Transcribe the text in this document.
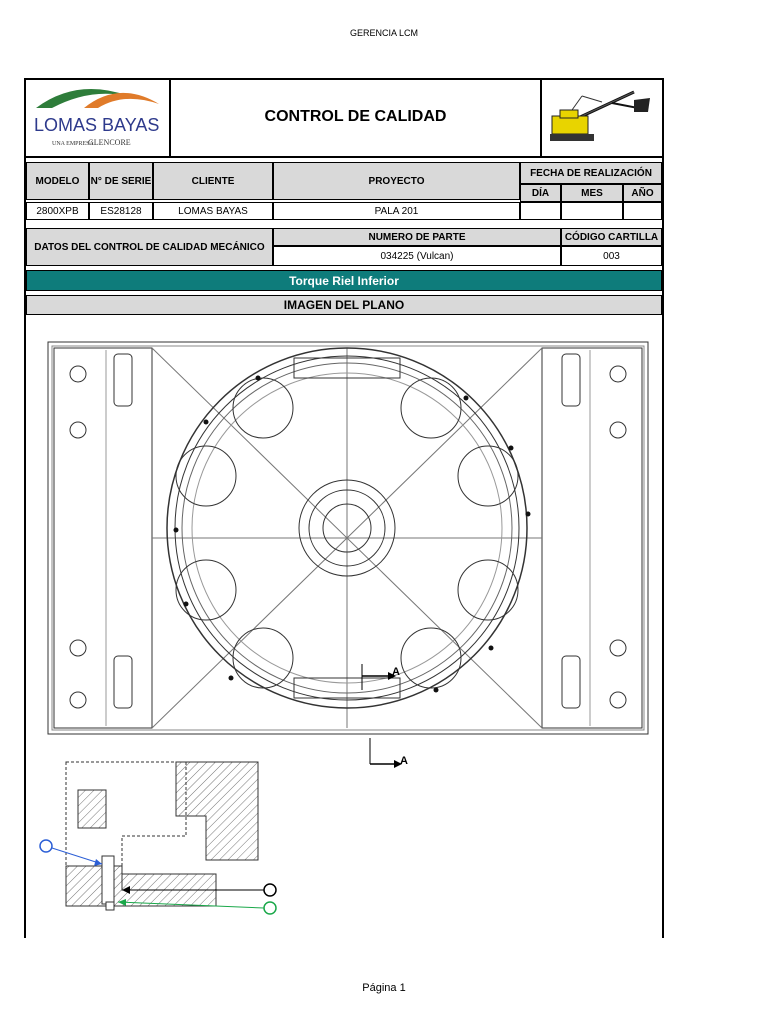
GERENCIA LCM
LOMAS BAYAS
UNA EMPRESA
GLENCORE
CONTROL DE CALIDAD
MODELO	N° DE SERIE	CLIENTE	PROYECTO
FECHA DE REALIZACIÓN
DÍA	MES	AÑO
2800XPB	ES28128	LOMAS BAYAS	PALA 201
DATOS DEL CONTROL DE CALIDAD MECÁNICO
NUMERO DE PARTE	CÓDIGO CARTILLA
034225 (Vulcan)	003
Torque Riel Inferior
IMAGEN DEL PLANO
A
A
Página 1
